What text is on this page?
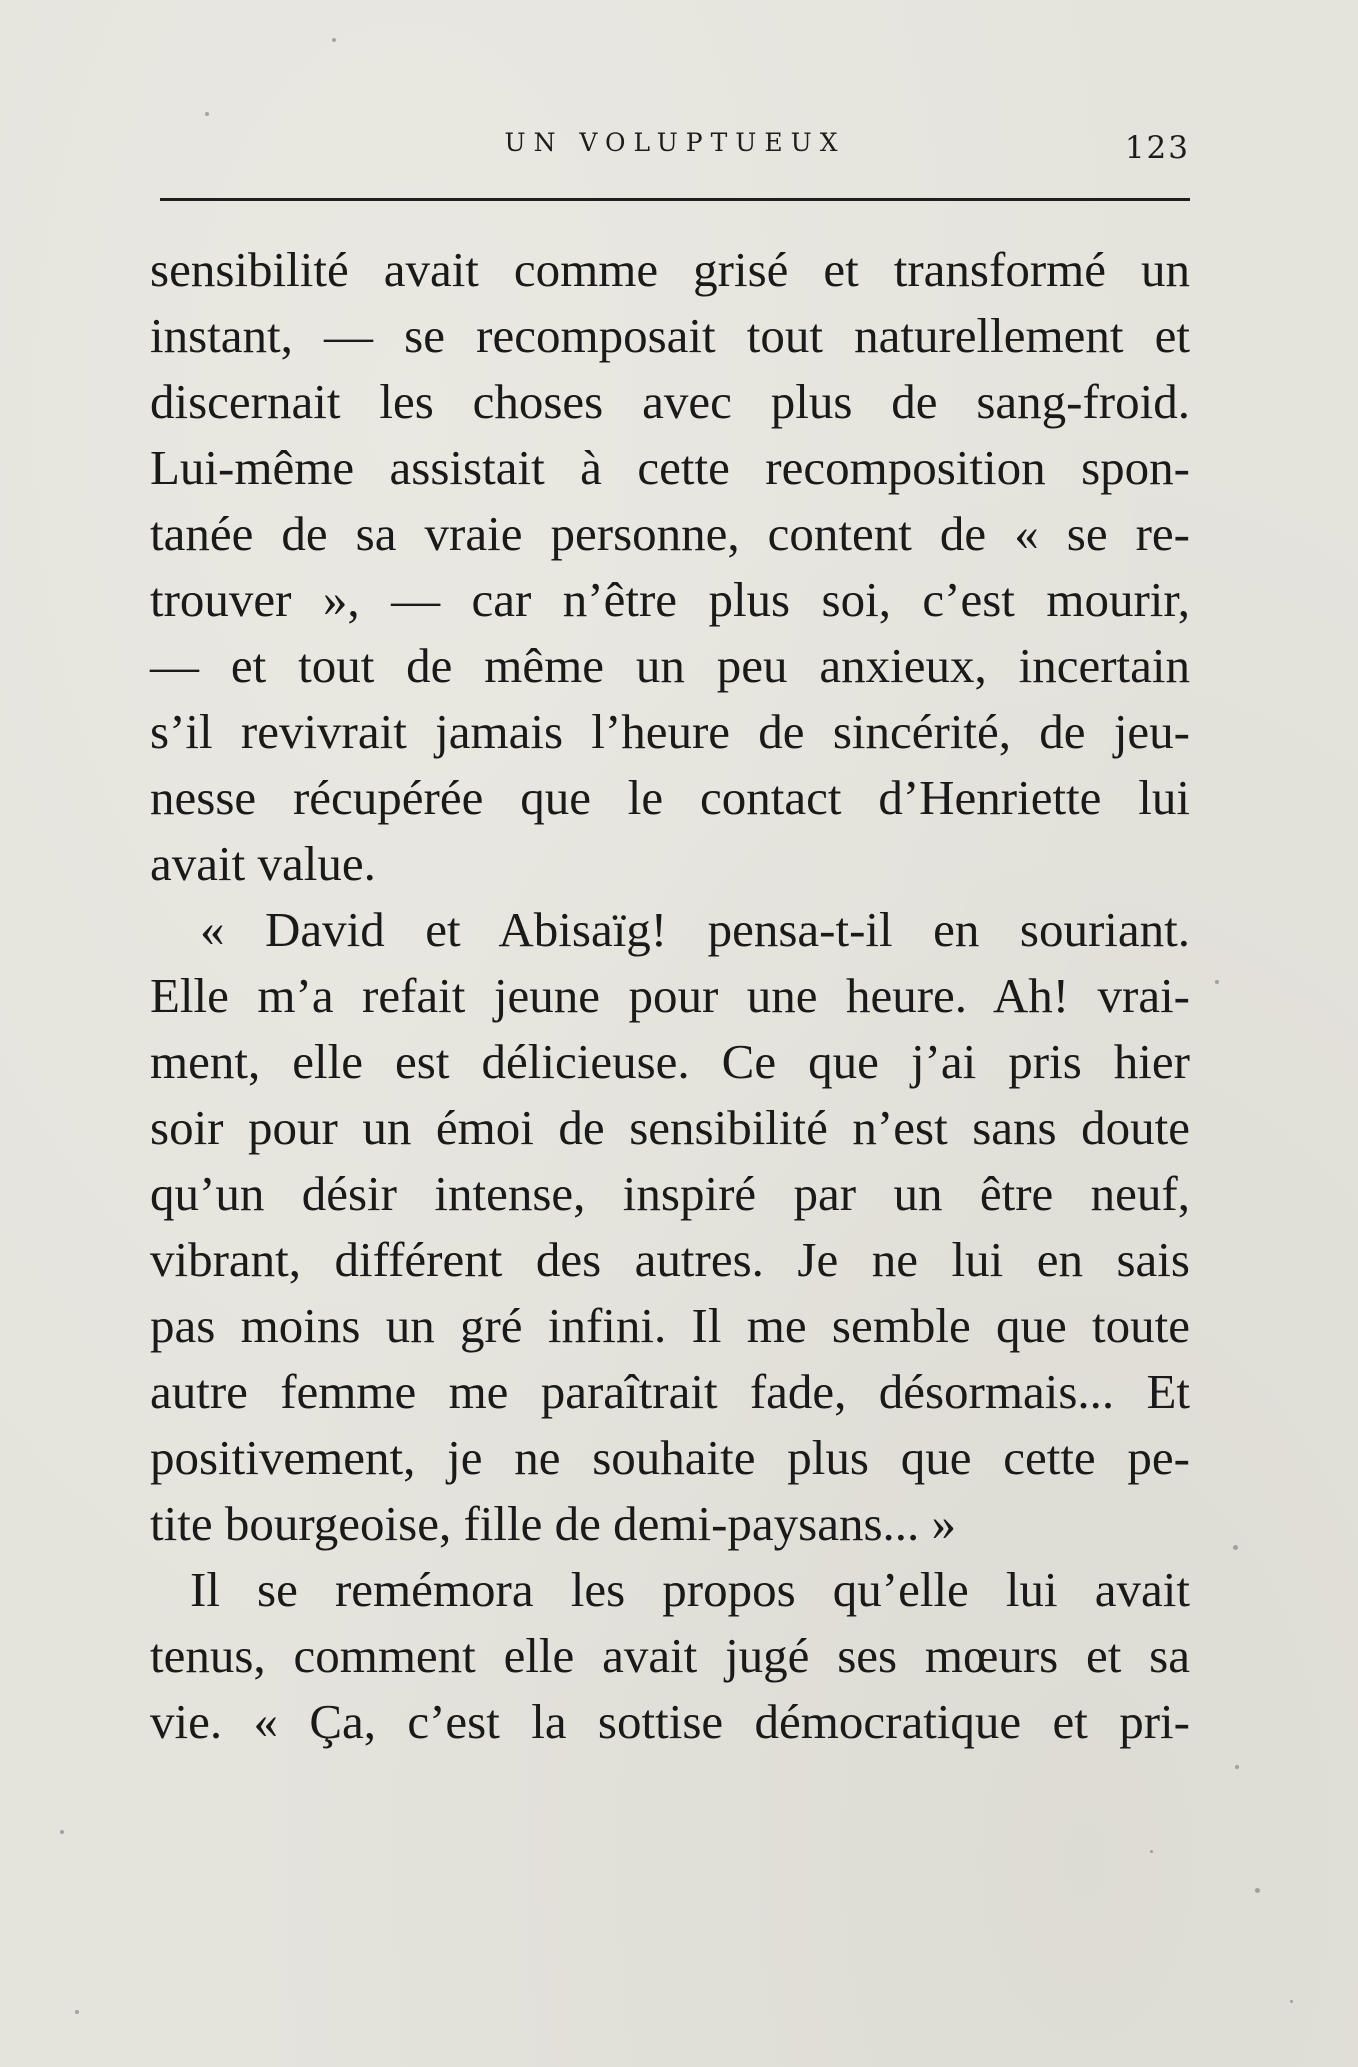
UN VOLUPTUEUX	123
sensibilité avait comme grisé et transformé un
instant, — se recomposait tout naturellement et
discernait les choses avec plus de sang-froid.
Lui-même assistait à cette recomposition spon-
tanée de sa vraie personne, content de « se re-
trouver », — car n’être plus soi, c’est mourir,
— et tout de même un peu anxieux, incertain
s’il revivrait jamais l’heure de sincérité, de jeu-
nesse récupérée que le contact d’Henriette lui
avait value.
« David et Abisaïg! pensa-t-il en souriant.
Elle m’a refait jeune pour une heure. Ah! vrai-
ment, elle est délicieuse. Ce que j’ai pris hier
soir pour un émoi de sensibilité n’est sans doute
qu’un désir intense, inspiré par un être neuf,
vibrant, différent des autres. Je ne lui en sais
pas moins un gré infini. Il me semble que toute
autre femme me paraîtrait fade, désormais... Et
positivement, je ne souhaite plus que cette pe-
tite bourgeoise, fille de demi-paysans... »
Il se remémora les propos qu’elle lui avait
tenus, comment elle avait jugé ses mœurs et sa
vie. « Ça, c’est la sottise démocratique et pri-
